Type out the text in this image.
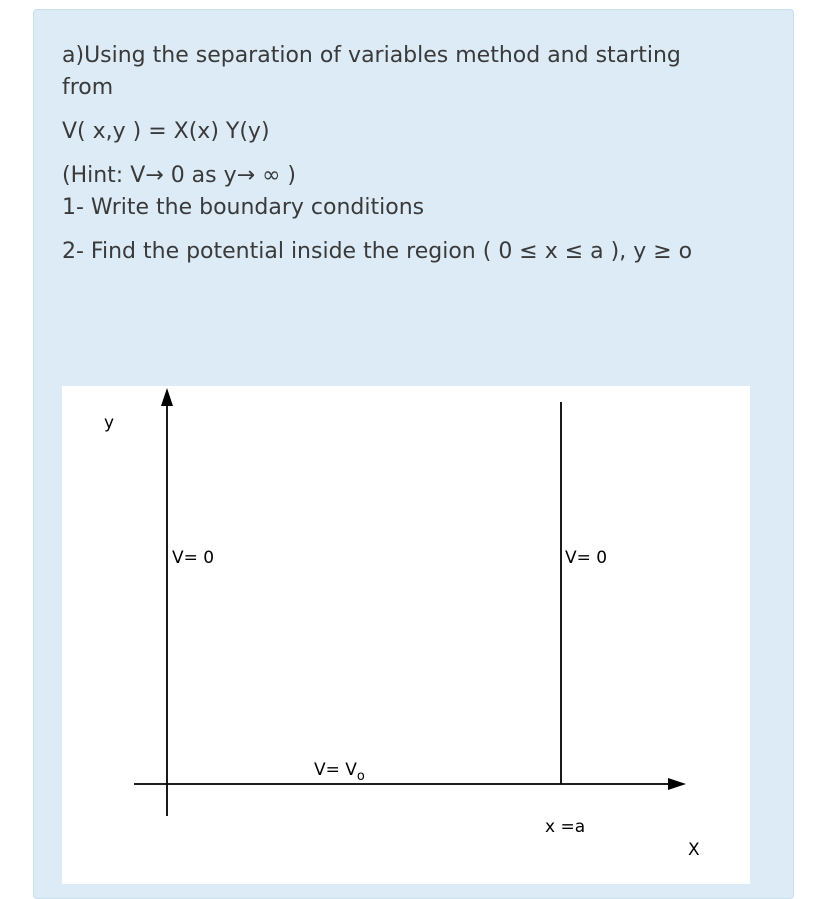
a)Using the separation of variables method and starting from

V( x,y ) = X(x) Y(y)

(Hint: V→ 0 as y→ ∞ )

1- Write the boundary conditions

2- Find the potential inside the region ( 0 ≤ x ≤ a ), y ≥ o

y
V= 0	V= 0
$V= V_o$
x =a
X
